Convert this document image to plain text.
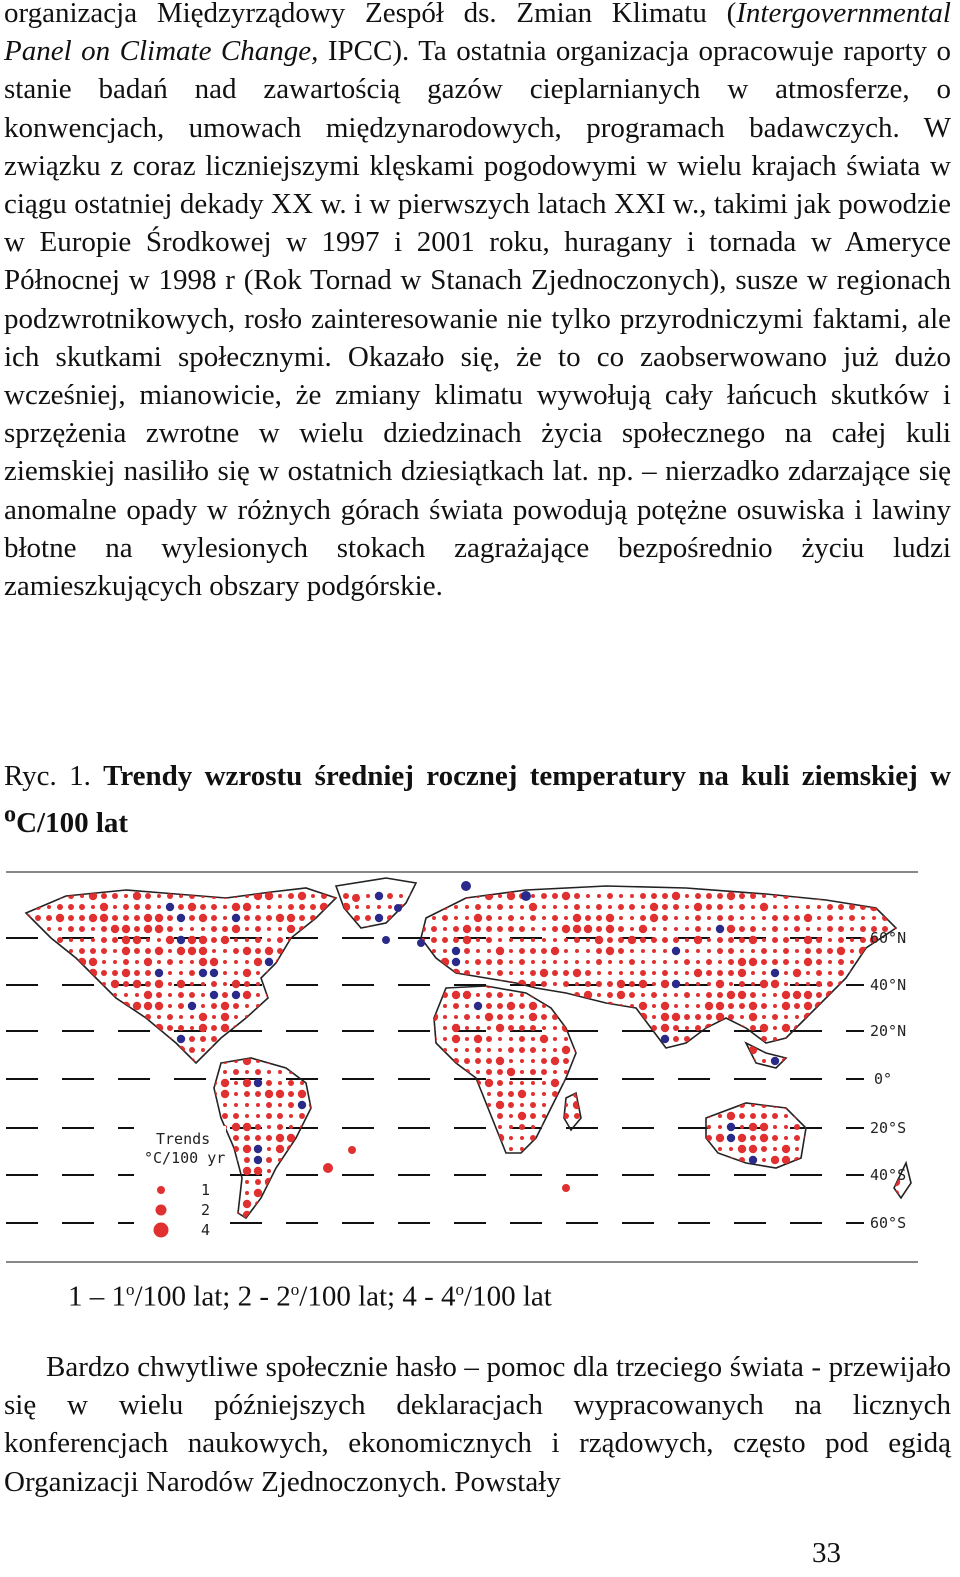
organizacja Międzyrządowy Zespół ds. Zmian Klimatu (Intergovernmental Panel on Climate Change, IPCC). Ta ostatnia organizacja opracowuje raporty o stanie badań nad zawartością gazów cieplarnianych w atmosferze, o konwencjach, umowach międzynarodowych, programach badawczych. W związku z coraz liczniejszymi klęskami pogodowymi w wielu krajach świata w ciągu ostatniej dekady XX w. i w pierwszych latach XXI w., takimi jak powodzie w Europie Środkowej w 1997 i 2001 roku, huragany i tornada w Ameryce Północnej w 1998 r (Rok Tornad w Stanach Zjednoczonych), susze w regionach podzwrotnikowych, rosło zainteresowanie nie tylko przyrodniczymi faktami, ale ich skutkami społecznymi. Okazało się, że to co zaobserwowano już dużo wcześniej, mianowicie, że zmiany klimatu wywołują cały łańcuch skutków i sprzężenia zwrotne w wielu dziedzinach życia społecznego na całej kuli ziemskiej nasiliło się w ostatnich dziesiątkach lat. np. – nierzadko zdarzające się anomalne opady w różnych górach świata powodują potężne osuwiska i lawiny błotne na wylesionych stokach zagrażające bezpośrednio życiu ludzi zamieszkujących obszary podgórskie.

Ryc. 1. Trendy wzrostu średniej rocznej temperatury na kuli ziemskiej w $^o$C/100 lat

60°N
40°N
20°N
0°
20°S
40°S
60°S
Trends
°C/100 yr
1
2
4
1 – 1$^o$/100 lat; 2 - 2$^o$/100 lat; 4 - 4$^o$/100 lat

Bardzo chwytliwe społecznie hasło – pomoc dla trzeciego świata - przewijało się w wielu późniejszych deklaracjach wypracowanych na licznych konferencjach naukowych, ekonomicznych i rządowych, często pod egidą Organizacji Narodów Zjednoczonych. Powstały

33
